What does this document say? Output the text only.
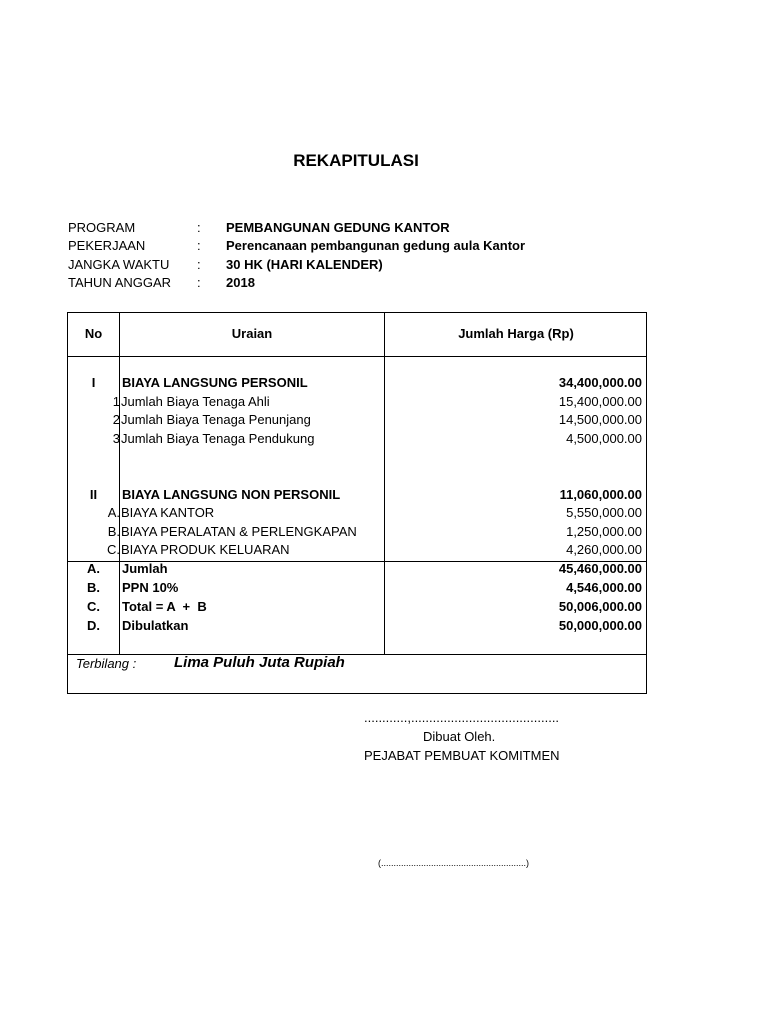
REKAPITULASI
PROGRAM	: PEMBANGUNAN GEDUNG KANTOR
PEKERJAAN	: Perencanaan pembangunan gedung aula Kantor
JANGKA WAKTU : 30 HK (HARI KALENDER)
TAHUN ANGGAR : 2018
No	Uraian	Jumlah Harga (Rp)
I	BIAYA LANGSUNG PERSONIL	34,400,000.00
1 Jumlah Biaya Tenaga Ahli	15,400,000.00
2 Jumlah Biaya Tenaga Penunjang	14,500,000.00
3 Jumlah Biaya Tenaga Pendukung	4,500,000.00
II	BIAYA LANGSUNG NON PERSONIL	11,060,000.00
A. BIAYA KANTOR	5,550,000.00
B. BIAYA PERALATAN & PERLENGKAPAN	1,250,000.00
C. BIAYA PRODUK KELUARAN	4,260,000.00
A.	Jumlah	45,460,000.00
B.	PPN 10%	4,546,000.00
C.	Total = A  +  B	50,006,000.00
D.	Dibulatkan	50,000,000.00
Terbilang :	Lima Puluh Juta Rupiah
............,.........................................
Dibuat Oleh.
PEJABAT PEMBUAT KOMITMEN
(..........................................................)
